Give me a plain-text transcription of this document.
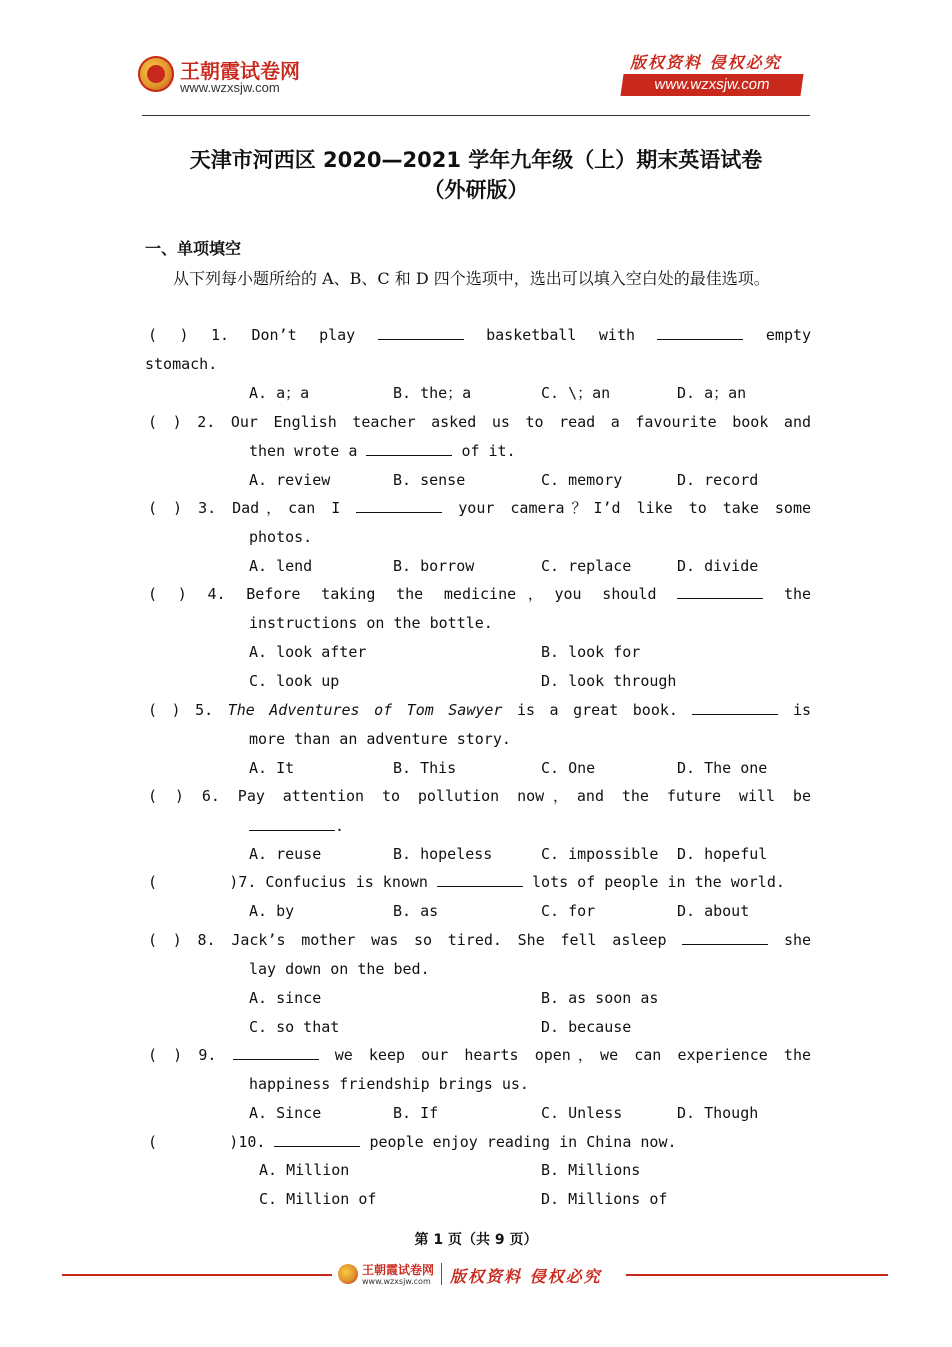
王朝霞试卷网
www.wzxsjw.com
版权资料 侵权必究
www.wzxsjw.com
天津市河西区 2020—2021 学年九年级（上）期末英语试卷
（外研版）
一、单项填空
从下列每小题所给的 A、B、C 和 D 四个选项中，选出可以填入空白处的最佳选项。
( ) 1. Don’t play	basketball with	empty
stomach.
A. a；a	B. the；a	C. \；an	D. a；an
( ) 2. Our English teacher asked us to read a favourite book and
then wrote a	of it.
A. review	B. sense	C. memory	D. record
( ) 3. Dad，can I	your camera？I’d like to take some
photos.
A. lend	B. borrow	C. replace	D. divide
( ) 4. Before taking the medicine，you should	the
instructions on the bottle.
A. look after	B. look for
C. look up	D. look through
( ) 5. The Adventures of Tom Sawyer is a great book.	is
more than an adventure story.
A. It	B. This	C. One	D. The one
( ) 6. Pay attention to pollution now，and the future will be
.
A. reuse	B. hopeless	C. impossible D. hopeful
(        )7. Confucius is known	lots of people in the world.
A. by	B. as	C. for	D. about
( ) 8. Jack’s mother was so tired. She fell asleep	she
lay down on the bed.
A. since	B. as soon as
C. so that	D. because
( ) 9.	we keep our hearts open，we can experience the
happiness friendship brings us.
A. Since	B. If	C. Unless	D. Though
(        )10.	people enjoy reading in China now.
A. Million	B. Millions
C. Million of	D. Millions of
第 1 页（共 9 页）
王朝霞试卷网
www.wzxsjw.com 版权资料 侵权必究
